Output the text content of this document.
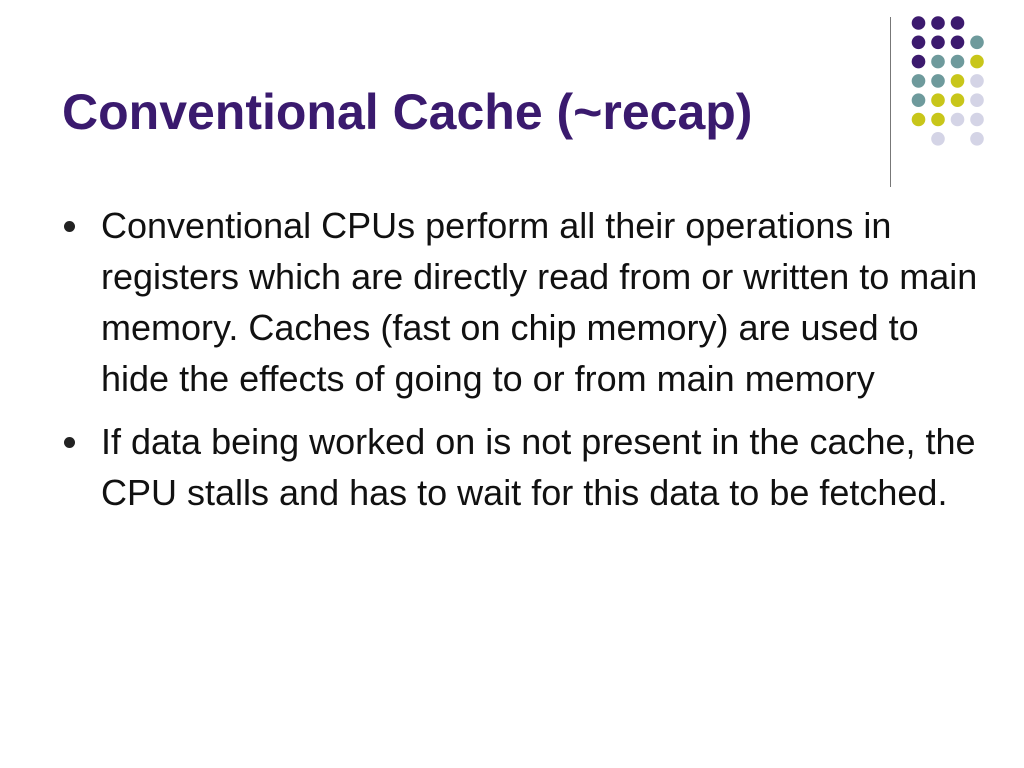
Conventional Cache (~recap)
Conventional CPUs perform all their operations in registers which are directly read from or written to main memory. Caches (fast on chip memory) are used to hide the effects of going to or from main memory
If data being worked on is not present in the cache, the CPU stalls and has to wait for this data to be fetched.
